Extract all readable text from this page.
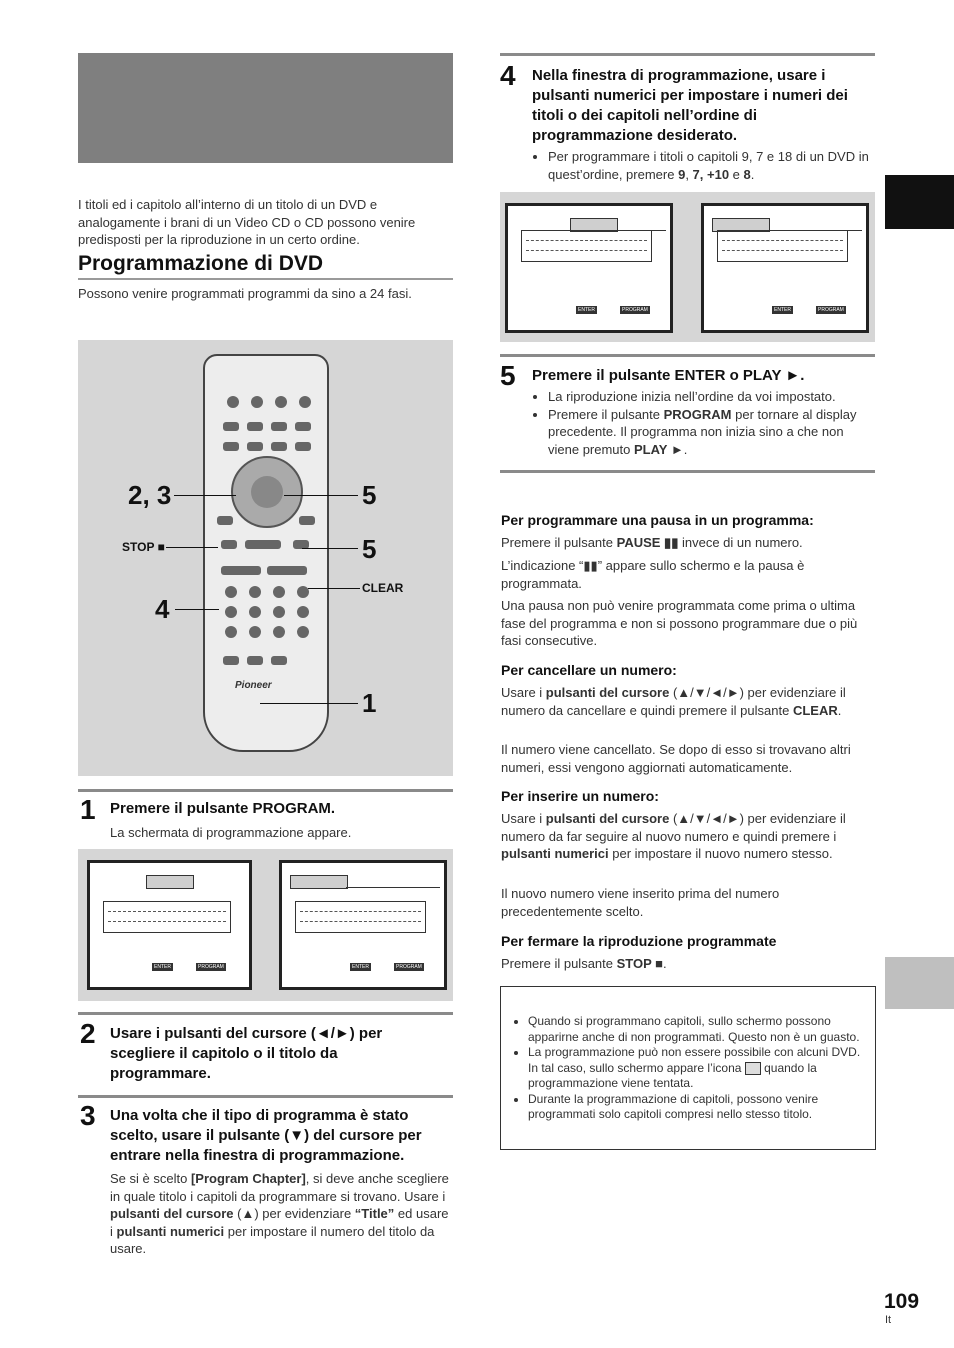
I titoli ed i capitolo all’interno di un titolo di un DVD e analogamente i brani di un Video CD o CD possono venire predisposti per la riproduzione in un certo ordine.
Programmazione di DVD
Possono venire programmati programmi da sino a 24 fasi.
Pioneer
2, 3
STOP ■
4
5
5
CLEAR
1
1 Premere il pulsante PROGRAM.
La schermata di programmazione appare.
ENTER	PROGRAM	ENTER	PROGRAM
2 Usare i pulsanti del cursore (◄/►) per scegliere il capitolo o il titolo da programmare.
3 Una volta che il tipo di programma è stato scelto, usare il pulsante (▼) del cursore per entrare nella finestra di programmazione.
Se si è scelto [Program Chapter], si deve anche scegliere in quale titolo i capitoli da programmare si trovano. Usare i pulsanti del cursore (▲) per evidenziare “Title” ed usare i pulsanti numerici per impostare il numero del titolo da usare.
4 Nella finestra di programmazione, usare i pulsanti numerici per impostare i numeri dei titoli o dei capitoli nell’ordine di programmazione desiderato.
• Per programmare i titoli o capitoli 9, 7 e 18 di un DVD in quest’ordine, premere 9, 7, +10 e 8.
ENTER	PROGRAM	ENTER	PROGRAM
5 Premere il pulsante ENTER o PLAY ►.
• La riproduzione inizia nell’ordine da voi impostato.
• Premere il pulsante PROGRAM per tornare al display precedente. Il programma non inizia sino a che non viene premuto PLAY ►.
Per programmare una pausa in un programma:
Premere il pulsante PAUSE ▮▮ invece di un numero.
L’indicazione “▮▮” appare sullo schermo e la pausa è programmata.
Una pausa non può venire programmata come prima o ultima fase del programma e non si possono programmare due o più fasi consecutive.
Per cancellare un numero:
Usare i pulsanti del cursore (▲/▼/◄/►) per evidenziare il numero da cancellare e quindi premere il pulsante CLEAR.
Il numero viene cancellato. Se dopo di esso si trovavano altri numeri, essi vengono aggiornati automaticamente.
Per inserire un numero:
Usare i pulsanti del cursore (▲/▼/◄/►) per evidenziare il numero da far seguire al nuovo numero e quindi premere i pulsanti numerici per impostare il nuovo numero stesso.
Il nuovo numero viene inserito prima del numero precedentemente scelto.
Per fermare la riproduzione programmate
Premere il pulsante STOP ■.
• Quando si programmano capitoli, sullo schermo possono apparirne anche di non programmati. Questo non è un guasto.
• La programmazione può non essere possibile con alcuni DVD. In tal caso, sullo schermo appare l’icona  quando la programmazione viene tentata.
• Durante la programmazione di capitoli, possono venire programmati solo capitoli compresi nello stesso titolo.
109
It
